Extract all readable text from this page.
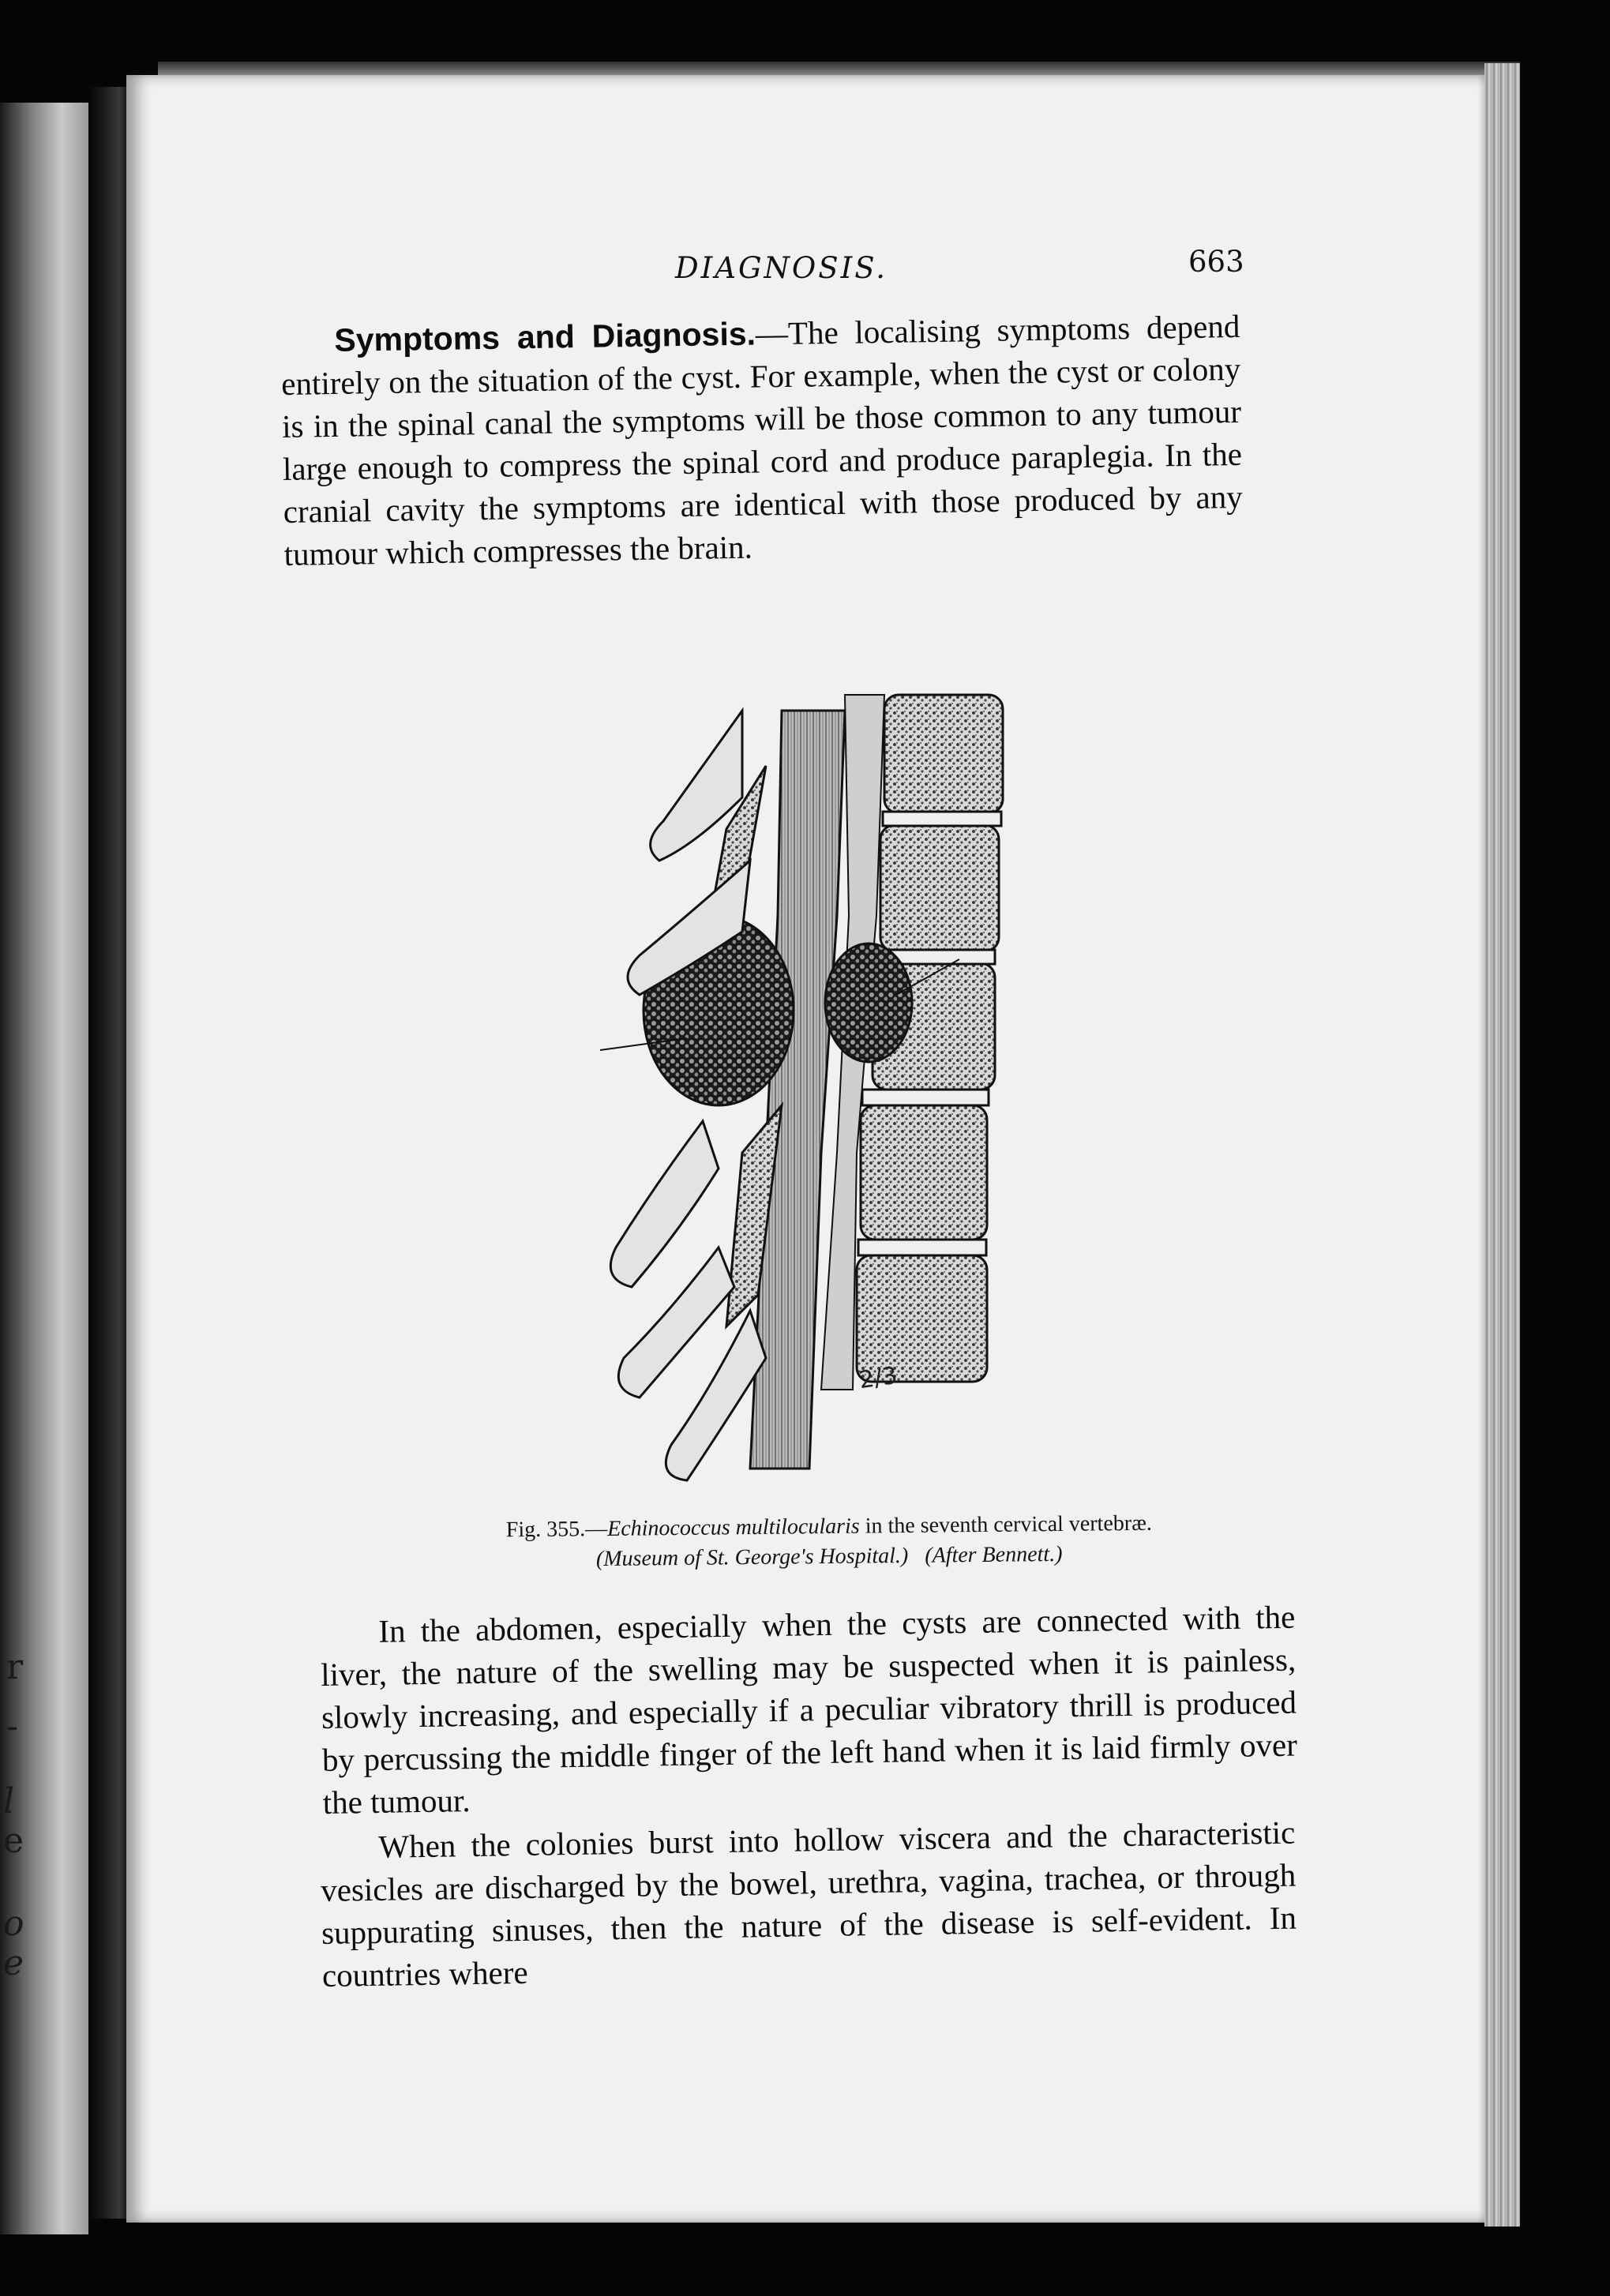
r
-
l
e
o
e
DIAGNOSIS.	663
Symptoms and Diagnosis.—The localising symptoms depend entirely on the situation of the cyst. For example, when the cyst or colony is in the spinal canal the symptoms will be those common to any tumour large enough to compress the spinal cord and produce paraplegia. In the cranial cavity the symptoms are identical with those produced by any tumour which compresses the brain.
2/3
Fig. 355.—Echinococcus multilocularis in the seventh cervical vertebræ.
(Museum of St. George's Hospital.) (After Bennett.)
In the abdomen, especially when the cysts are connected with the liver, the nature of the swelling may be suspected when it is painless, slowly increasing, and especially if a peculiar vibratory thrill is produced by percussing the middle finger of the left hand when it is laid firmly over the tumour.
When the colonies burst into hollow viscera and the characteristic vesicles are discharged by the bowel, urethra, vagina, trachea, or through suppurating sinuses, then the nature of the disease is self-evident. In countries where
